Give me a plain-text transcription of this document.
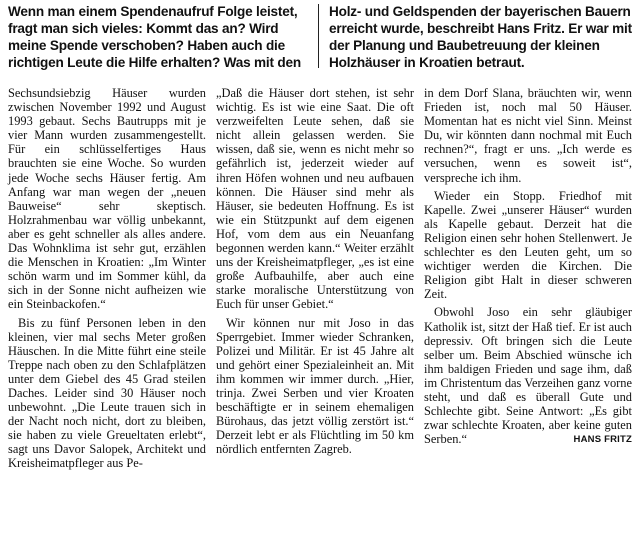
Wenn man einem Spendenaufruf Folge leistet, fragt man sich vieles: Kommt das an? Wird meine Spende verschoben? Haben auch die richtigen Leute die Hilfe erhalten? Was mit den
Holz- und Geldspenden der bayerischen Bauern erreicht wurde, beschreibt Hans Fritz. Er war mit der Planung und Baubetreuung der kleinen Holzhäuser in Kroatien betraut.

Sechsundsiebzig Häuser wurden zwischen November 1992 und August 1993 gebaut. Sechs Bautrupps mit je vier Mann wurden zusammengestellt. Für ein schlüsselfertiges Haus brauchten sie eine Woche. So wurden jede Woche sechs Häuser fertig. Am Anfang war man wegen der „neuen Bauweise“ sehr skeptisch. Holzrahmenbau war völlig unbekannt, aber es geht schneller als alles andere. Das Wohnklima ist sehr gut, erzählen die Menschen in Kroatien: „Im Winter schön warm und im Sommer kühl, da sich in der Sonne nicht aufheizen wie ein Steinbackofen.“

Bis zu fünf Personen leben in den kleinen, vier mal sechs Meter großen Häuschen. In die Mitte führt eine steile Treppe nach oben zu den Schlafplätzen unter dem Giebel des 45 Grad steilen Daches. Leider sind 30 Häuser noch unbewohnt. „Die Leute trauen sich in der Nacht noch nicht, dort zu bleiben, sie haben zu viele Greueltaten erlebt“, sagt uns Davor Salopek, Architekt und Kreisheimatpfleger aus Pe-

„Daß die Häuser dort stehen, ist sehr wichtig. Es ist wie eine Saat. Die oft verzweifelten Leute sehen, daß sie nicht allein gelassen werden. Sie wissen, daß sie, wenn es nicht mehr so gefährlich ist, jederzeit wieder auf ihren Höfen wohnen und neu aufbauen können. Die Häuser sind mehr als Häuser, sie bedeuten Hoffnung. Es ist wie ein Stützpunkt auf dem eigenen Hof, vom dem aus ein Neuanfang begonnen werden kann.“ Weiter erzählt uns der Kreisheimatpfleger, „es ist eine große Aufbauhilfe, aber auch eine starke moralische Unterstützung von Euch für unser Gebiet.“

Wir können nur mit Joso in das Sperrgebiet. Immer wieder Schranken, Polizei und Militär. Er ist 45 Jahre alt und gehört einer Spezialeinheit an. Mit ihm kommen wir immer durch. „Hier, trinja. Zwei Serben und vier Kroaten beschäftigte er in seinem ehemaligen Bürohaus, das jetzt völlig zerstört ist.“ Derzeit lebt er als Flüchtling im 50 km nördlich entfernten Zagreb.

in dem Dorf Slana, bräuchten wir, wenn Frieden ist, noch mal 50 Häuser. Momentan hat es nicht viel Sinn. Meinst Du, wir könnten dann nochmal mit Euch rechnen?“, fragt er uns. „Ich werde es versuchen, wenn es soweit ist“, verspreche ich ihm.

Wieder ein Stopp. Friedhof mit Kapelle. Zwei „unserer Häuser“ wurden als Kapelle gebaut. Derzeit hat die Religion einen sehr hohen Stellenwert. Je schlechter es den Leuten geht, um so wichtiger werden die Kirchen. Die Religion gibt Halt in dieser schweren Zeit.

Obwohl Joso ein sehr gläubiger Katholik ist, sitzt der Haß tief. Er ist auch depressiv. Oft bringen sich die Leute selber um. Beim Abschied wünsche ich ihm baldigen Frieden und sage ihm, daß im Christentum das Verzeihen ganz vorne steht, und daß es überall Gute und Schlechte gibt. Seine Antwort: „Es gibt zwar schlechte Kroaten, aber keine guten Serben.“	HANS FRITZ
